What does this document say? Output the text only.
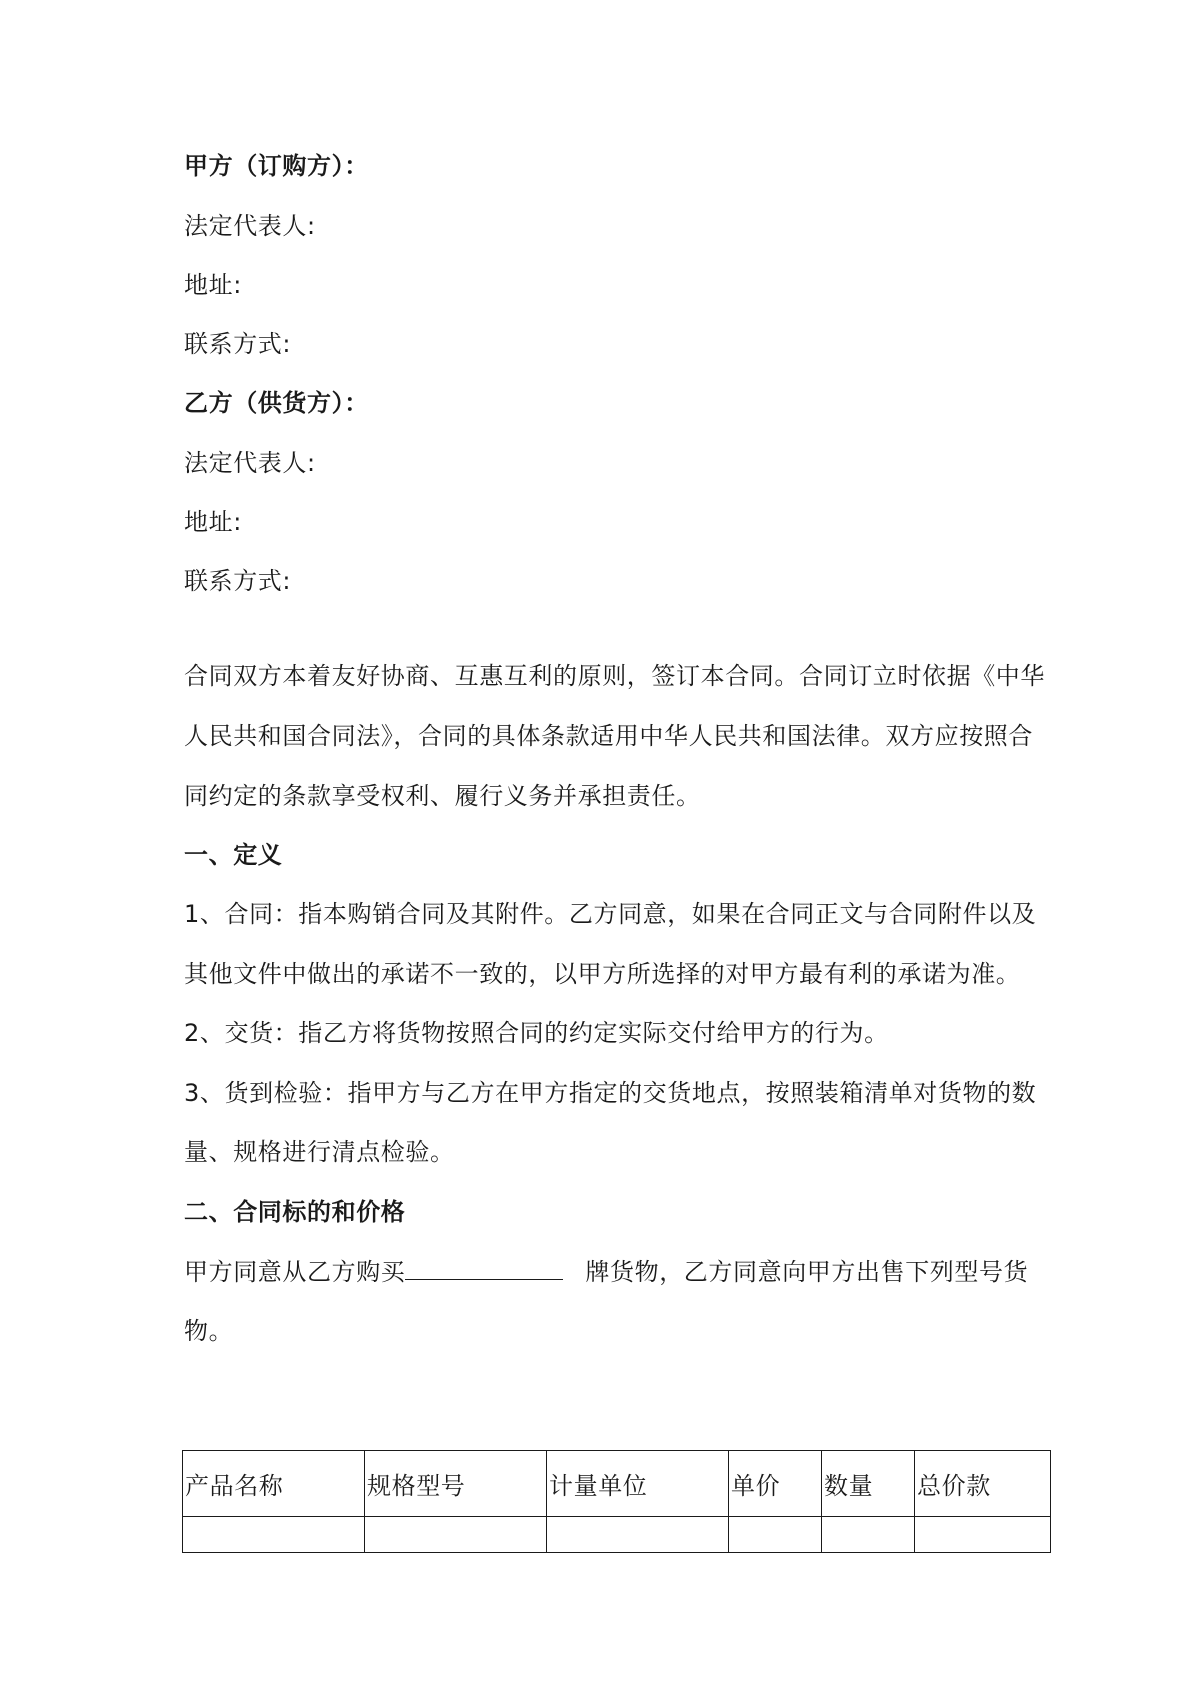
甲方（订购方）：
法定代表人:
地址:
联系方式:
乙方（供货方）：
法定代表人:
地址:
联系方式:
合同双方本着友好协商、互惠互利的原则，签订本合同。合同订立时依据《中华
人民共和国合同法》，合同的具体条款适用中华人民共和国法律。双方应按照合
同约定的条款享受权利、履行义务并承担责任。
一、定义
1、合同：指本购销合同及其附件。乙方同意，如果在合同正文与合同附件以及
其他文件中做出的承诺不一致的，以甲方所选择的对甲方最有利的承诺为准。
2、交货：指乙方将货物按照合同的约定实际交付给甲方的行为。
3、货到检验：指甲方与乙方在甲方指定的交货地点，按照装箱清单对货物的数
量、规格进行清点检验。
二、合同标的和价格
甲方同意从乙方购买	牌货物，乙方同意向甲方出售下列型号货
物。
产品名称	规格型号	计量单位	单价	数量	总价款
